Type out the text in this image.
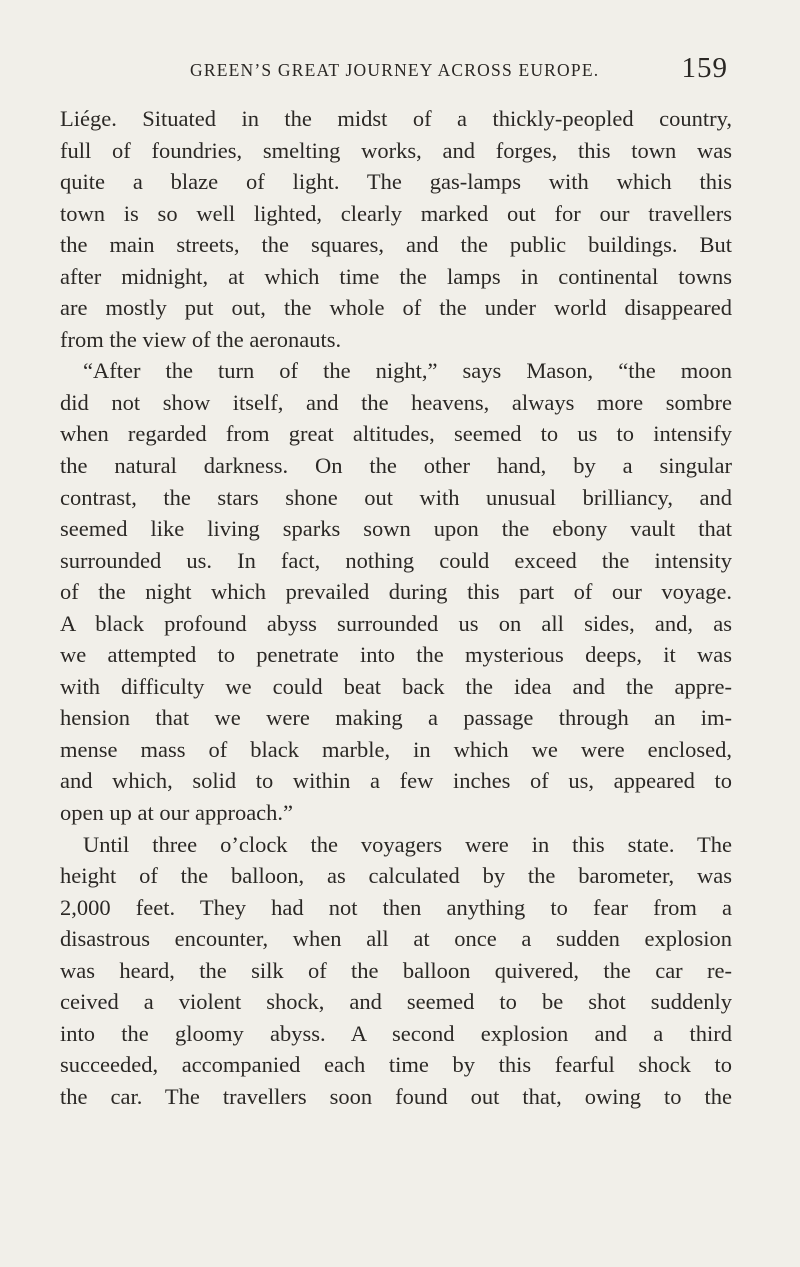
GREEN’S GREAT JOURNEY ACROSS EUROPE.	159
Liége. Situated in the midst of a thickly-peopled country,
full of foundries, smelting works, and forges, this town was
quite a blaze of light. The gas-lamps with which this
town is so well lighted, clearly marked out for our travellers
the main streets, the squares, and the public buildings. But
after midnight, at which time the lamps in continental towns
are mostly put out, the whole of the under world disappeared
from the view of the aeronauts.
“After the turn of the night,” says Mason, “the moon
did not show itself, and the heavens, always more sombre
when regarded from great altitudes, seemed to us to intensify
the natural darkness. On the other hand, by a singular
contrast, the stars shone out with unusual brilliancy, and
seemed like living sparks sown upon the ebony vault that
surrounded us. In fact, nothing could exceed the intensity
of the night which prevailed during this part of our voyage.
A black profound abyss surrounded us on all sides, and, as
we attempted to penetrate into the mysterious deeps, it was
with difficulty we could beat back the idea and the appre-
hension that we were making a passage through an im-
mense mass of black marble, in which we were enclosed,
and which, solid to within a few inches of us, appeared to
open up at our approach.”
Until three o’clock the voyagers were in this state. The
height of the balloon, as calculated by the barometer, was
2,000 feet. They had not then anything to fear from a
disastrous encounter, when all at once a sudden explosion
was heard, the silk of the balloon quivered, the car re-
ceived a violent shock, and seemed to be shot suddenly
into the gloomy abyss. A second explosion and a third
succeeded, accompanied each time by this fearful shock to
the car. The travellers soon found out that, owing to the
